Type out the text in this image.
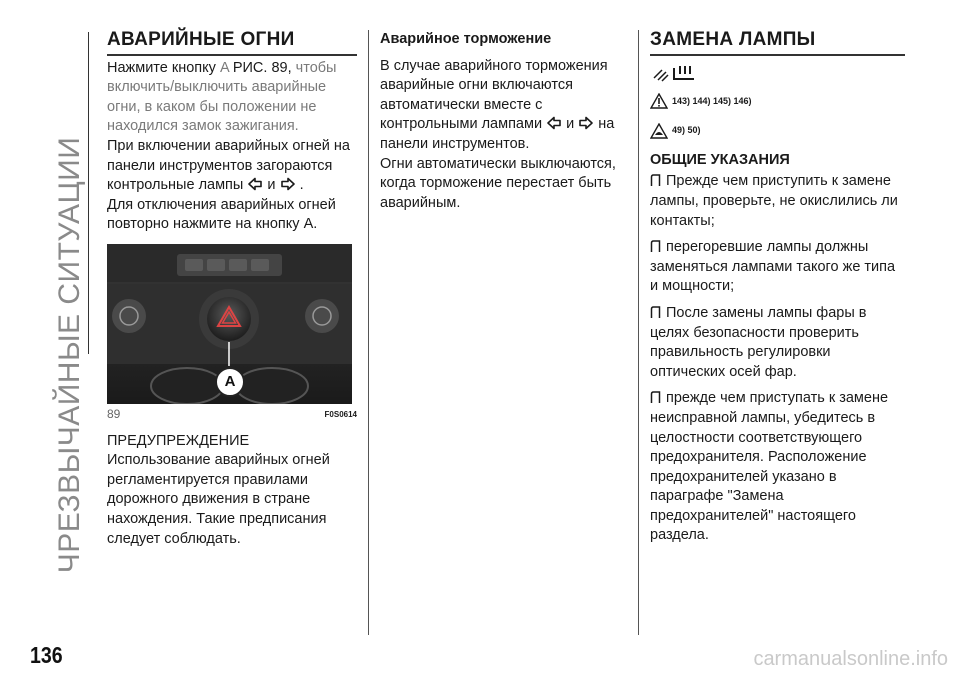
ЧРЕЗВЫЧАЙНЫЕ СИТУАЦИИ
136	carmanualsonline.info
АВАРИЙНЫЕ ОГНИ

Нажмите кнопку A РИС. 89, чтобы включить/выключить аварийные огни, в каком бы положении не находился замок зажигания.

При включении аварийных огней на панели инструментов загораются контрольные лампы и .

Для отключения аварийных огней повторно нажмите на кнопку A.

A
89	F0S0614

ПРЕДУПРЕЖДЕНИЕ

Использование аварийных огней регламентируется правилами дорожного движения в стране нахождения. Такие предписания следует соблюдать.

Аварийное торможение

В случае аварийного торможения аварийные огни включаются автоматически вместе с контрольными лампами и на панели инструментов.

Огни автоматически выключаются, когда торможение перестает быть аварийным.

ЗАМЕНА ЛАМПЫ
143) 144) 145) 146)
49) 50)
ОБЩИЕ УКАЗАНИЯ

Прежде чем приступить к замене лампы, проверьте, не окислились ли контакты;

перегоревшие лампы должны заменяться лампами такого же типа и мощности;

После замены лампы фары в целях безопасности проверить правильность регулировки оптических осей фар.

прежде чем приступать к замене неисправной лампы, убедитесь в целостности соответствующего предохранителя. Расположение предохранителей указано в параграфе "Замена предохранителей" настоящего раздела.
